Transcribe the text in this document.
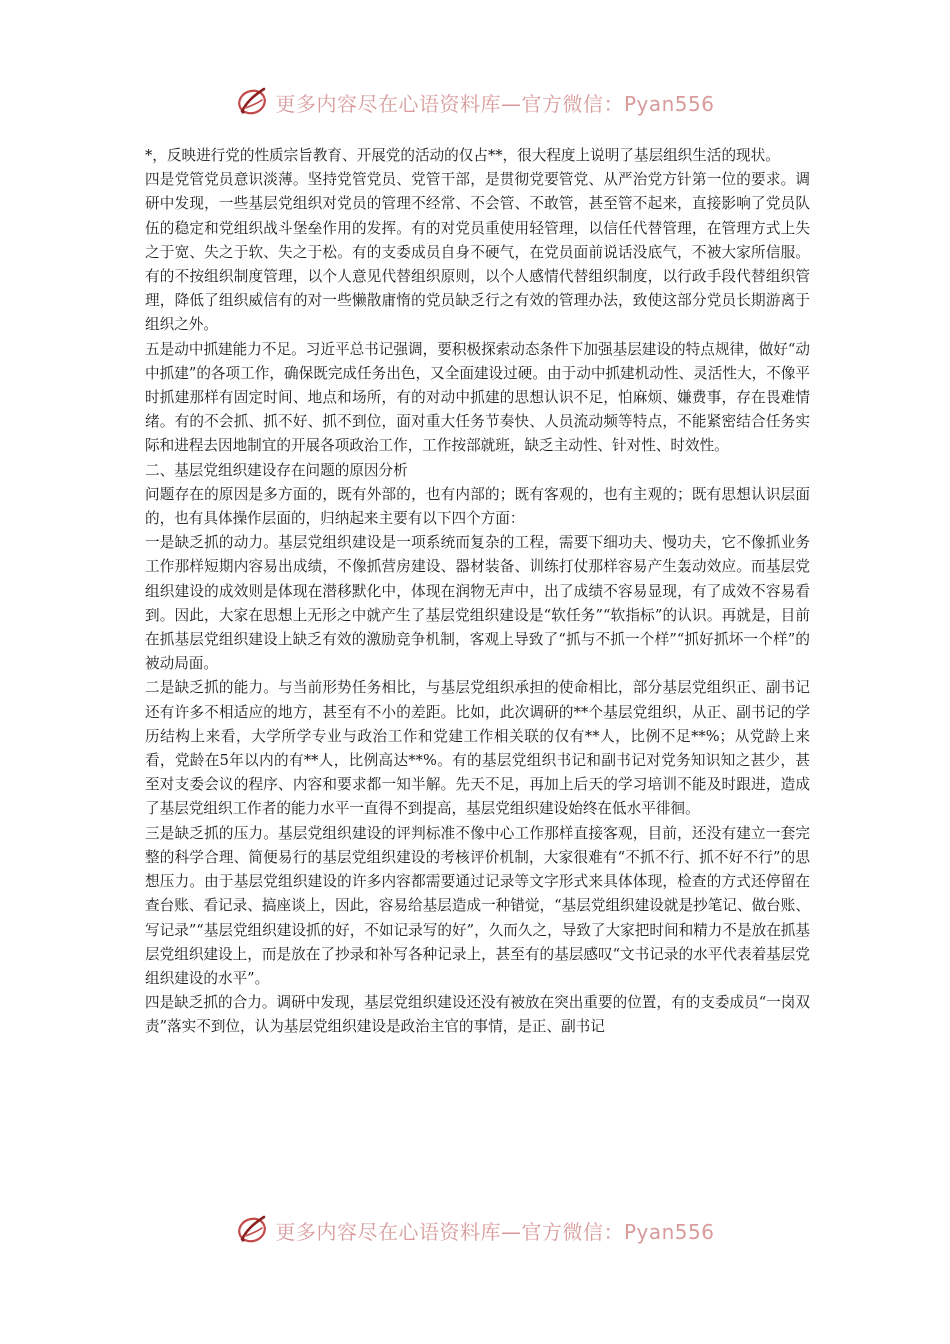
更多内容尽在心语资料库—官方微信：Pyan556

*，反映进行党的性质宗旨教育、开展党的活动的仅占**，很大程度上说明了基层组织生活的现状。

四是党管党员意识淡薄。坚持党管党员、党管干部，是贯彻党要管党、从严治党方针第一位的要求。调研中发现，一些基层党组织对党员的管理不经常、不会管、不敢管，甚至管不起来，直接影响了党员队伍的稳定和党组织战斗堡垒作用的发挥。有的对党员重使用轻管理，以信任代替管理，在管理方式上失之于宽、失之于软、失之于松。有的支委成员自身不硬气，在党员面前说话没底气，不被大家所信服。有的不按组织制度管理，以个人意见代替组织原则，以个人感情代替组织制度，以行政手段代替组织管理，降低了组织威信有的对一些懒散庸惰的党员缺乏行之有效的管理办法，致使这部分党员长期游离于组织之外。

五是动中抓建能力不足。习近平总书记强调，要积极探索动态条件下加强基层建设的特点规律，做好“动中抓建”的各项工作，确保既完成任务出色，又全面建设过硬。由于动中抓建机动性、灵活性大，不像平时抓建那样有固定时间、地点和场所，有的对动中抓建的思想认识不足，怕麻烦、嫌费事，存在畏难情绪。有的不会抓、抓不好、抓不到位，面对重大任务节奏快、人员流动频等特点，不能紧密结合任务实际和进程去因地制宜的开展各项政治工作，工作按部就班，缺乏主动性、针对性、时效性。

二、基层党组织建设存在问题的原因分析

问题存在的原因是多方面的，既有外部的，也有内部的；既有客观的，也有主观的；既有思想认识层面的，也有具体操作层面的，归纳起来主要有以下四个方面：

一是缺乏抓的动力。基层党组织建设是一项系统而复杂的工程，需要下细功夫、慢功夫，它不像抓业务工作那样短期内容易出成绩，不像抓营房建设、器材装备、训练打仗那样容易产生轰动效应。而基层党组织建设的成效则是体现在潜移默化中，体现在润物无声中，出了成绩不容易显现，有了成效不容易看到。因此，大家在思想上无形之中就产生了基层党组织建设是“软任务”“软指标”的认识。再就是，目前在抓基层党组织建设上缺乏有效的激励竞争机制，客观上导致了“抓与不抓一个样”“抓好抓坏一个样”的被动局面。

二是缺乏抓的能力。与当前形势任务相比，与基层党组织承担的使命相比，部分基层党组织正、副书记还有许多不相适应的地方，甚至有不小的差距。比如，此次调研的**个基层党组织，从正、副书记的学历结构上来看，大学所学专业与政治工作和党建工作相关联的仅有**人，比例不足**%；从党龄上来看，党龄在5年以内的有**人，比例高达**%。有的基层党组织书记和副书记对党务知识知之甚少，甚至对支委会议的程序、内容和要求都一知半解。先天不足，再加上后天的学习培训不能及时跟进，造成了基层党组织工作者的能力水平一直得不到提高，基层党组织建设始终在低水平徘徊。

三是缺乏抓的压力。基层党组织建设的评判标准不像中心工作那样直接客观，目前，还没有建立一套完整的科学合理、简便易行的基层党组织建设的考核评价机制，大家很难有“不抓不行、抓不好不行”的思想压力。由于基层党组织建设的许多内容都需要通过记录等文字形式来具体体现，检查的方式还停留在查台账、看记录、搞座谈上，因此，容易给基层造成一种错觉，“基层党组织建设就是抄笔记、做台账、写记录”“基层党组织建设抓的好，不如记录写的好”，久而久之，导致了大家把时间和精力不是放在抓基层党组织建设上，而是放在了抄录和补写各种记录上，甚至有的基层感叹“文书记录的水平代表着基层党组织建设的水平”。

四是缺乏抓的合力。调研中发现，基层党组织建设还没有被放在突出重要的位置，有的支委成员“一岗双责”落实不到位，认为基层党组织建设是政治主官的事情，是正、副书记

更多内容尽在心语资料库—官方微信：Pyan556
